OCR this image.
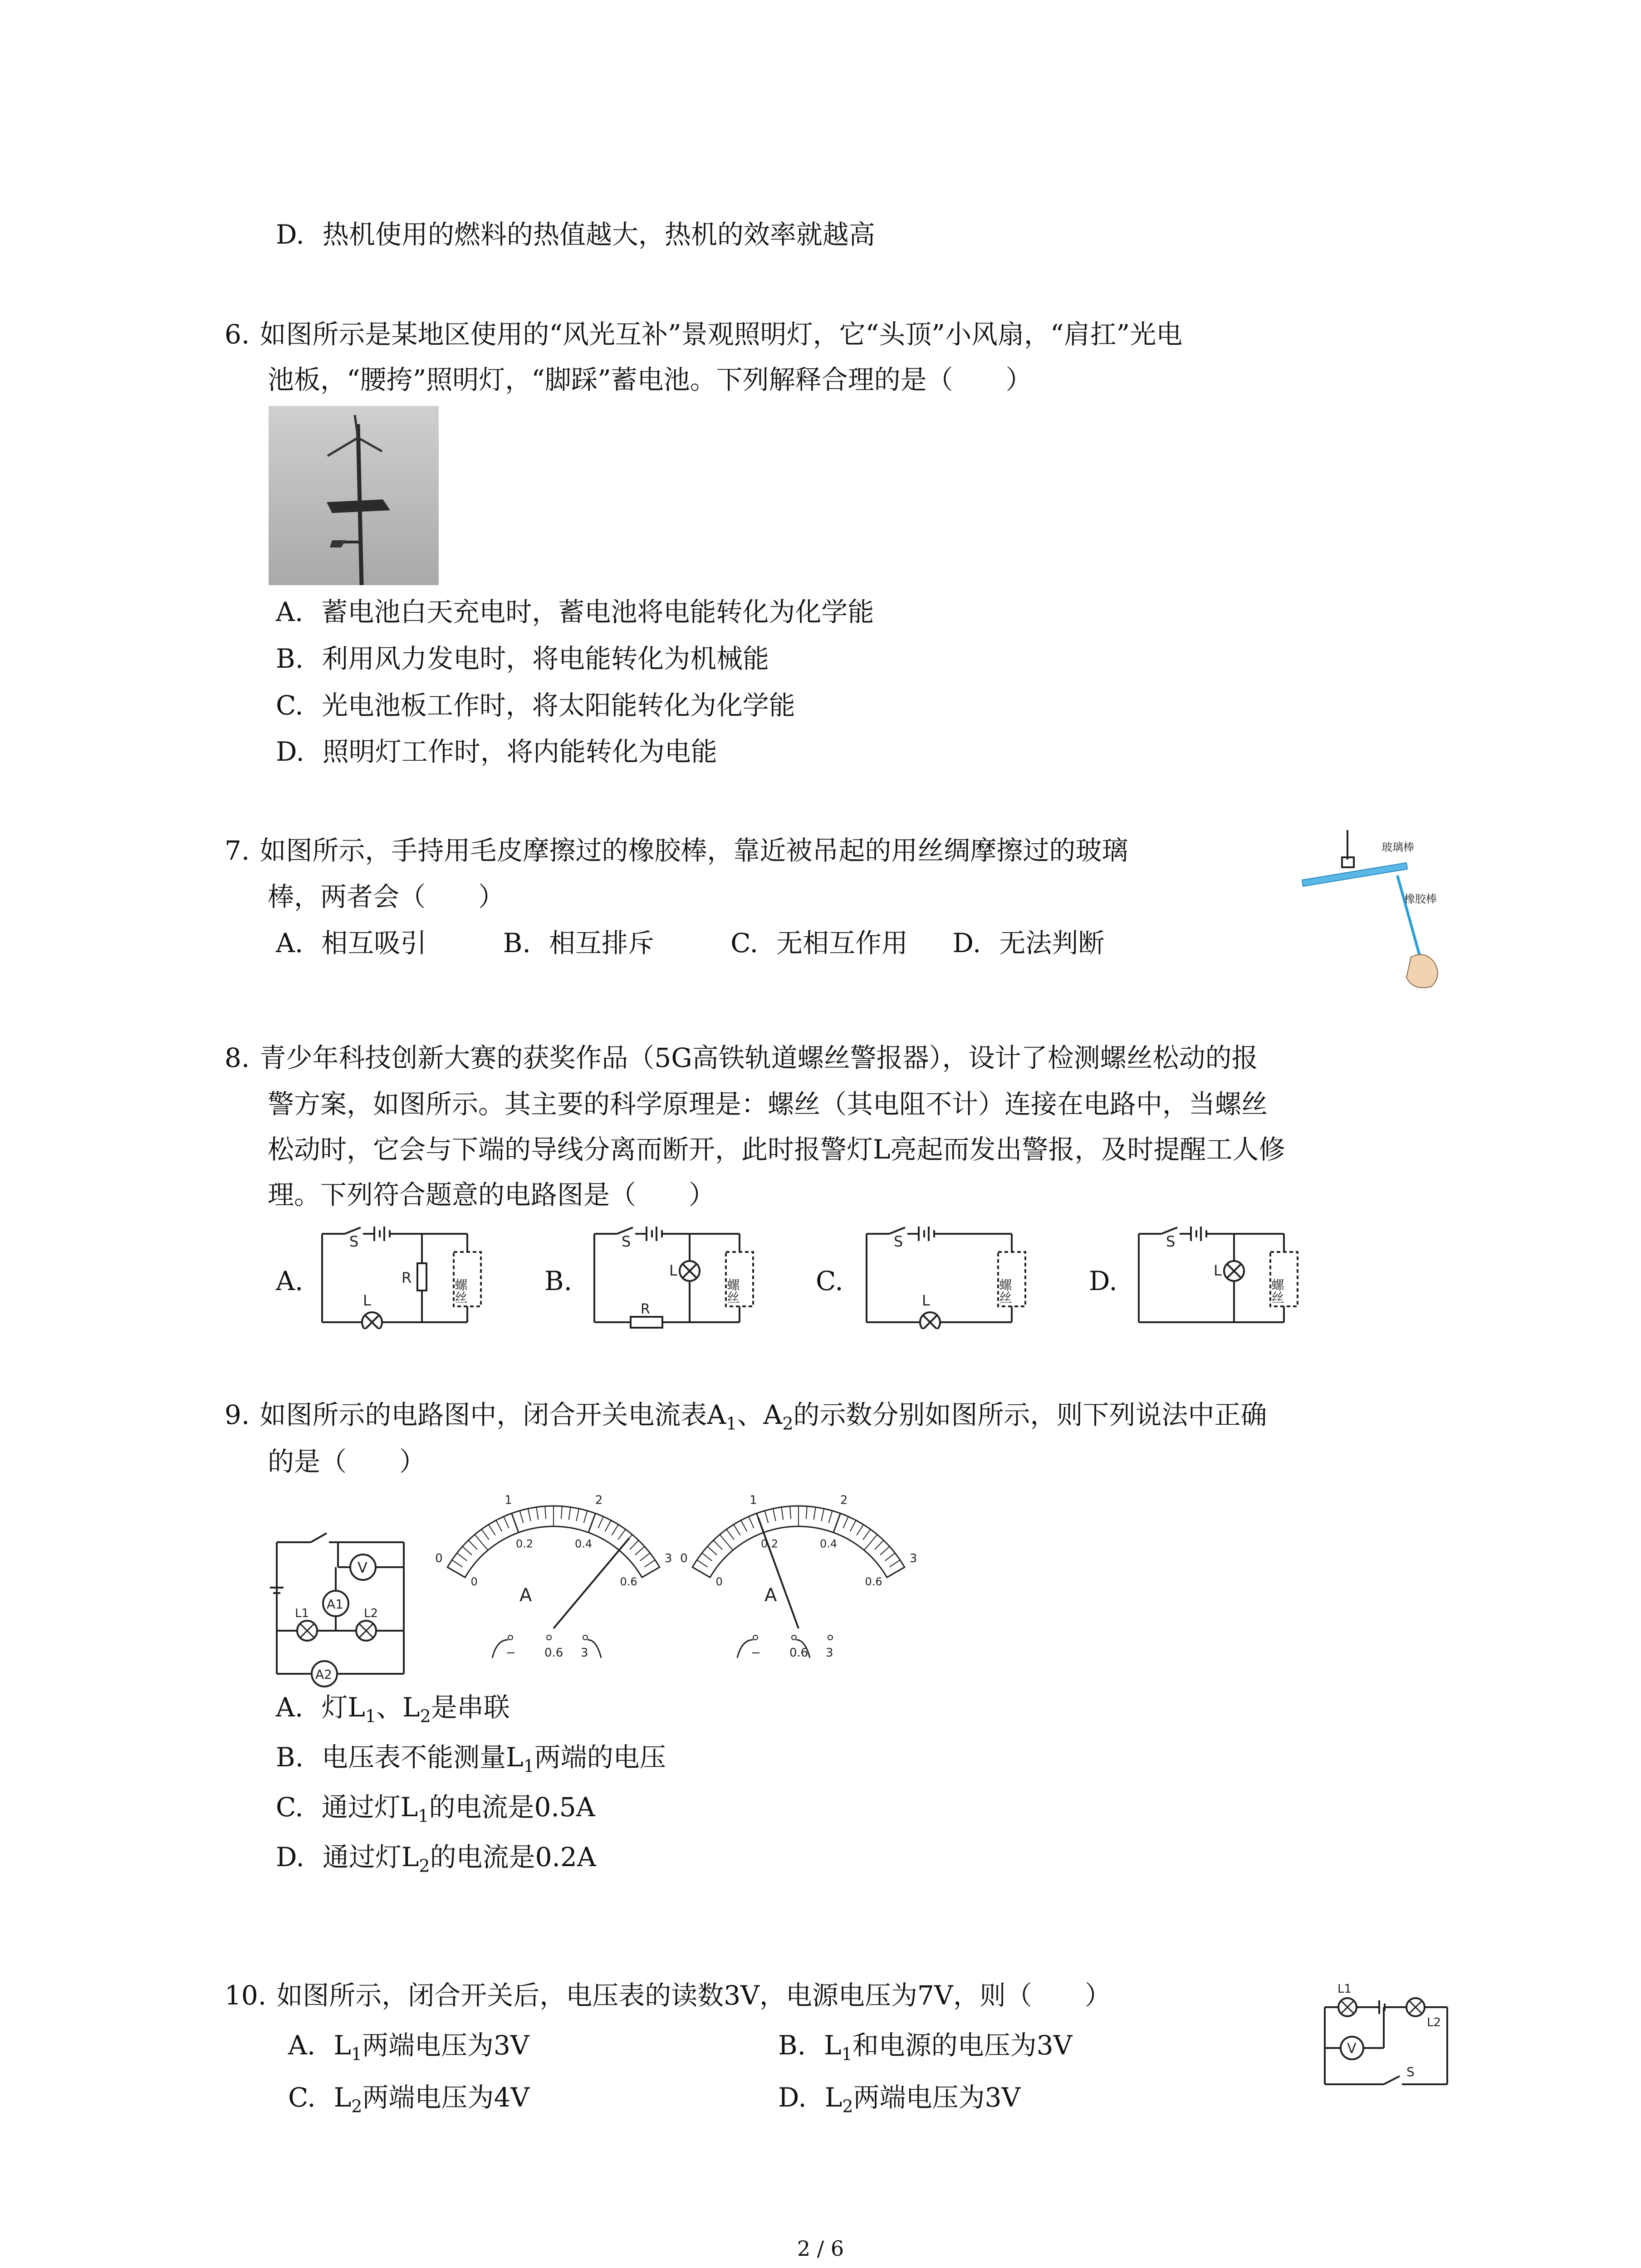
D. 热机使用的燃料的热值越大，热机的效率就越高
6. 如图所示是某地区使用的“风光互补”景观照明灯，它“头顶”小风扇，“肩扛”光电
池板，“腰挎”照明灯，“脚踩”蓄电池。下列解释合理的是（　　）
A. 蓄电池白天充电时，蓄电池将电能转化为化学能
B. 利用风力发电时，将电能转化为机械能
C. 光电池板工作时，将太阳能转化为化学能
D. 照明灯工作时，将内能转化为电能
7. 如图所示，手持用毛皮摩擦过的橡胶棒，靠近被吊起的用丝绸摩擦过的玻璃
棒，两者会（　　）
A. 相互吸引	B. 相互排斥	C. 无相互作用 D. 无法判断
玻璃棒
橡胶棒
8. 青少年科技创新大赛的获奖作品（5G高铁轨道螺丝警报器），设计了检测螺丝松动的报
警方案，如图所示。其主要的科学原理是：螺丝（其电阻不计）连接在电路中，当螺丝
松动时，它会与下端的导线分离而断开，此时报警灯L亮起而发出警报，及时提醒工人修
理。下列符合题意的电路图是（　　）
A.
S
L
R
螺丝	B.
S
L
R
螺丝	C.
S
L	螺丝	D.
S
L
螺丝
9. 如图所示的电路图中，闭合开关电流表$A_1$、$A_2$的示数分别如图所示，则下列说法中正确
的是（　　）
V
A1
A2
L1	L2
0
1	2
3
0
0.2	0.4
0.6
A
− 0.6 3
0
1	2
3
0
0.2	0.4
0.6
A
− 0.6 3
A. 灯$L_1$、$L_2$是串联
B. 电压表不能测量$L_1$两端的电压
C. 通过灯$L_1$的电流是0.5A
D. 通过灯$L_2$的电流是0.2A
10. 如图所示，闭合开关后，电压表的读数3V，电源电压为7V，则（　　）
A. $L_1$两端电压为3V	B. $L_1$和电源的电压为3V
C. $L_2$两端电压为4V	D. $L_2$两端电压为3V
L1
L2
V
S
2 / 6
